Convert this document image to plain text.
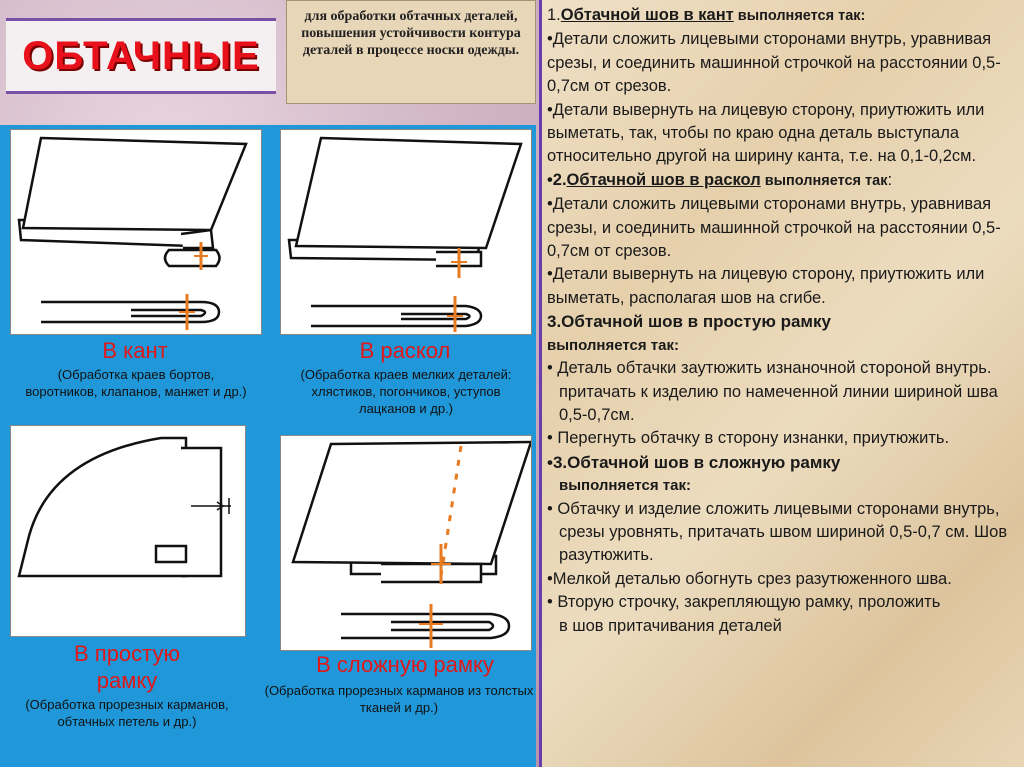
ОБТАЧНЫЕ
для обработки обтачных деталей, повышения устойчивости контура деталей в процессе носки одежды.
В кант
(Обработка краев бортов, воротников, клапанов, манжет и др.)
В раскол
(Обработка краев мелких деталей: хлястиков, погончиков, уступов лацканов и др.)
В простую
рамку
(Обработка прорезных карманов, обтачных петель и др.)
В сложную рамку
(Обработка прорезных карманов из толстых тканей и др.)

1.Обтачной шов в кант выполняется так:

•Детали сложить лицевыми сторонами внутрь, уравнивая срезы, и соединить машинной строчкой на расстоянии 0,5-0,7см от срезов.

•Детали вывернуть на лицевую сторону, приутюжить или выметать, так, чтобы по краю одна деталь выступала относительно другой на ширину канта, т.е. на 0,1-0,2см.

•2.Обтачной шов в раскол выполняется так:

•Детали сложить лицевыми сторонами внутрь, уравнивая срезы, и соединить машинной строчкой на расстоянии 0,5-0,7см от срезов.

•Детали вывернуть на лицевую сторону, приутюжить или выметать, располагая шов на сгибе.

3.Обтачной шов в простую рамку

выполняется так:

• Деталь обтачки заутюжить изнаночной стороной внутрь. притачать к изделию по намеченной линии шириной шва 0,5-0,7см.

• Перегнуть обтачку в сторону изнанки, приутюжить.

•3.Обтачной шов в сложную рамку

выполняется так:

• Обтачку и изделие сложить лицевыми сторонами внутрь, срезы уровнять, притачать швом шириной 0,5-0,7 см. Шов разутюжить.

•Мелкой деталью обогнуть срез разутюженного шва.

• Вторую строчку, закрепляющую рамку, проложить

в шов притачивания деталей
